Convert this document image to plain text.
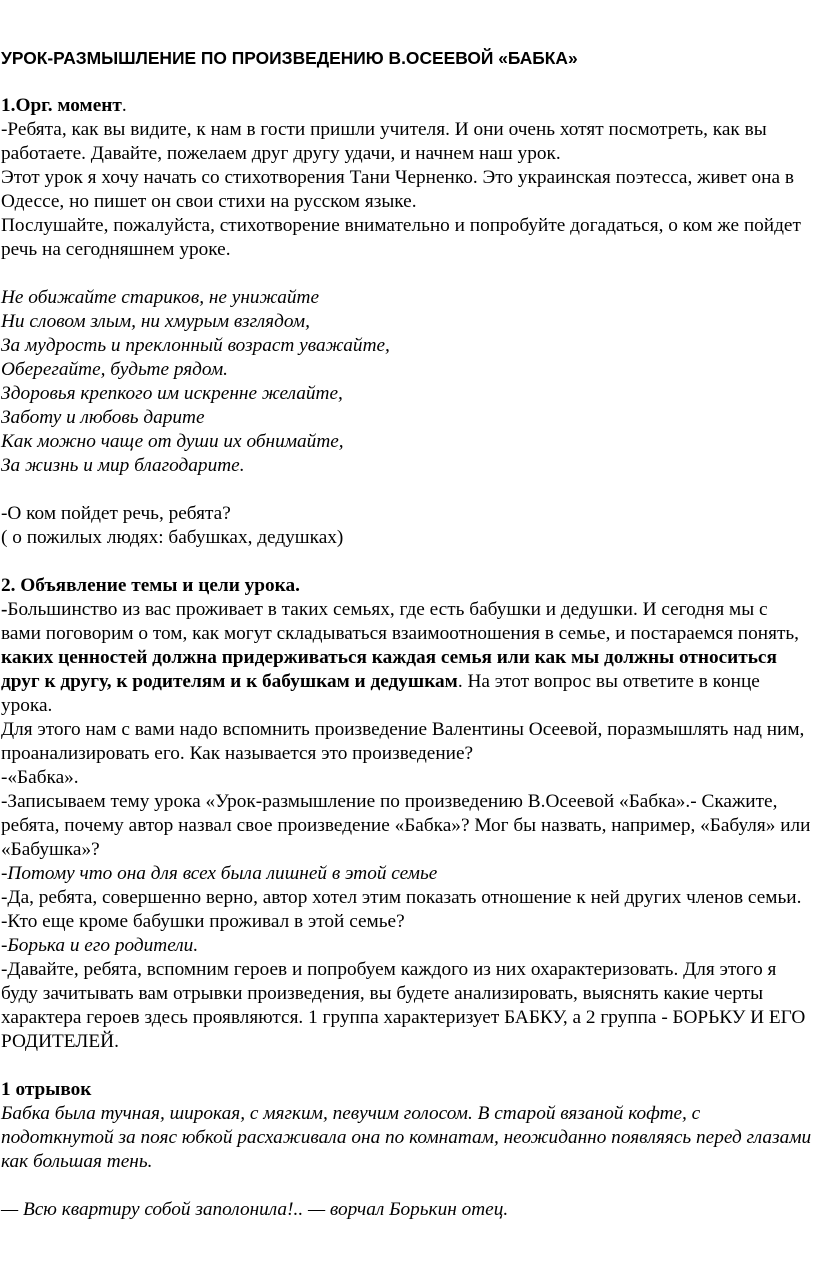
УРОК-РАЗМЫШЛЕНИЕ ПО ПРОИЗВЕДЕНИЮ В.ОСЕЕВОЙ «БАБКА»

1.Орг. момент.

-Ребята, как вы видите, к нам в гости пришли учителя. И они очень хотят посмотреть, как вы работаете. Давайте, пожелаем друг другу удачи, и начнем наш урок.

Этот урок я хочу начать со стихотворения Тани Черненко. Это украинская поэтесса, живет она в Одессе, но пишет он свои стихи на русском языке.

Послушайте, пожалуйста, стихотворение внимательно и попробуйте догадаться, о ком же пойдет речь на сегодняшнем уроке.

Не обижайте стариков, не унижайте

Ни словом злым, ни хмурым взглядом,

За мудрость и преклонный возраст уважайте,

Оберегайте, будьте рядом.

Здоровья крепкого им искренне желайте,

Заботу и любовь дарите

Как можно чаще от души их обнимайте,

За жизнь и мир благодарите.

-О ком пойдет речь, ребята?

( о пожилых людях: бабушках, дедушках)

2. Объявление темы и цели урока.

-Большинство из вас проживает в таких семьях, где есть бабушки и дедушки. И сегодня мы с вами поговорим о том, как могут складываться взаимоотношения в семье, и постараемся понять, каких ценностей должна придерживаться каждая семья или как мы должны относиться друг к другу, к родителям и к бабушкам и дедушкам. На этот вопрос вы ответите в конце урока.

Для этого нам с вами надо вспомнить произведение Валентины Осеевой, поразмышлять над ним, проанализировать его. Как называется это произведение?

-«Бабка».

-Записываем тему урока «Урок-размышление по произведению В.Осеевой «Бабка».- Скажите, ребята, почему автор назвал свое произведение «Бабка»? Мог бы назвать, например, «Бабуля» или «Бабушка»?

-Потому что она для всех была лишней в этой семье

-Да, ребята, совершенно верно, автор хотел этим показать отношение к ней других членов семьи.

-Кто еще кроме бабушки проживал в этой семье?

-Борька и его родители.

-Давайте, ребята, вспомним героев и попробуем каждого из них охарактеризовать. Для этого я буду зачитывать вам отрывки произведения, вы будете анализировать, выяснять какие черты характера героев здесь проявляются. 1 группа характеризует БАБКУ, а 2 группа - БОРЬКУ И ЕГО РОДИТЕЛЕЙ.

1 отрывок

Бабка была тучная, широкая, с мягким, певучим голосом. В старой вязаной кофте, с подоткнутой за пояс юбкой расхаживала она по комнатам, неожиданно появляясь перед глазами как большая тень.

— Всю квартиру собой заполонила!.. — ворчал Борькин отец.
